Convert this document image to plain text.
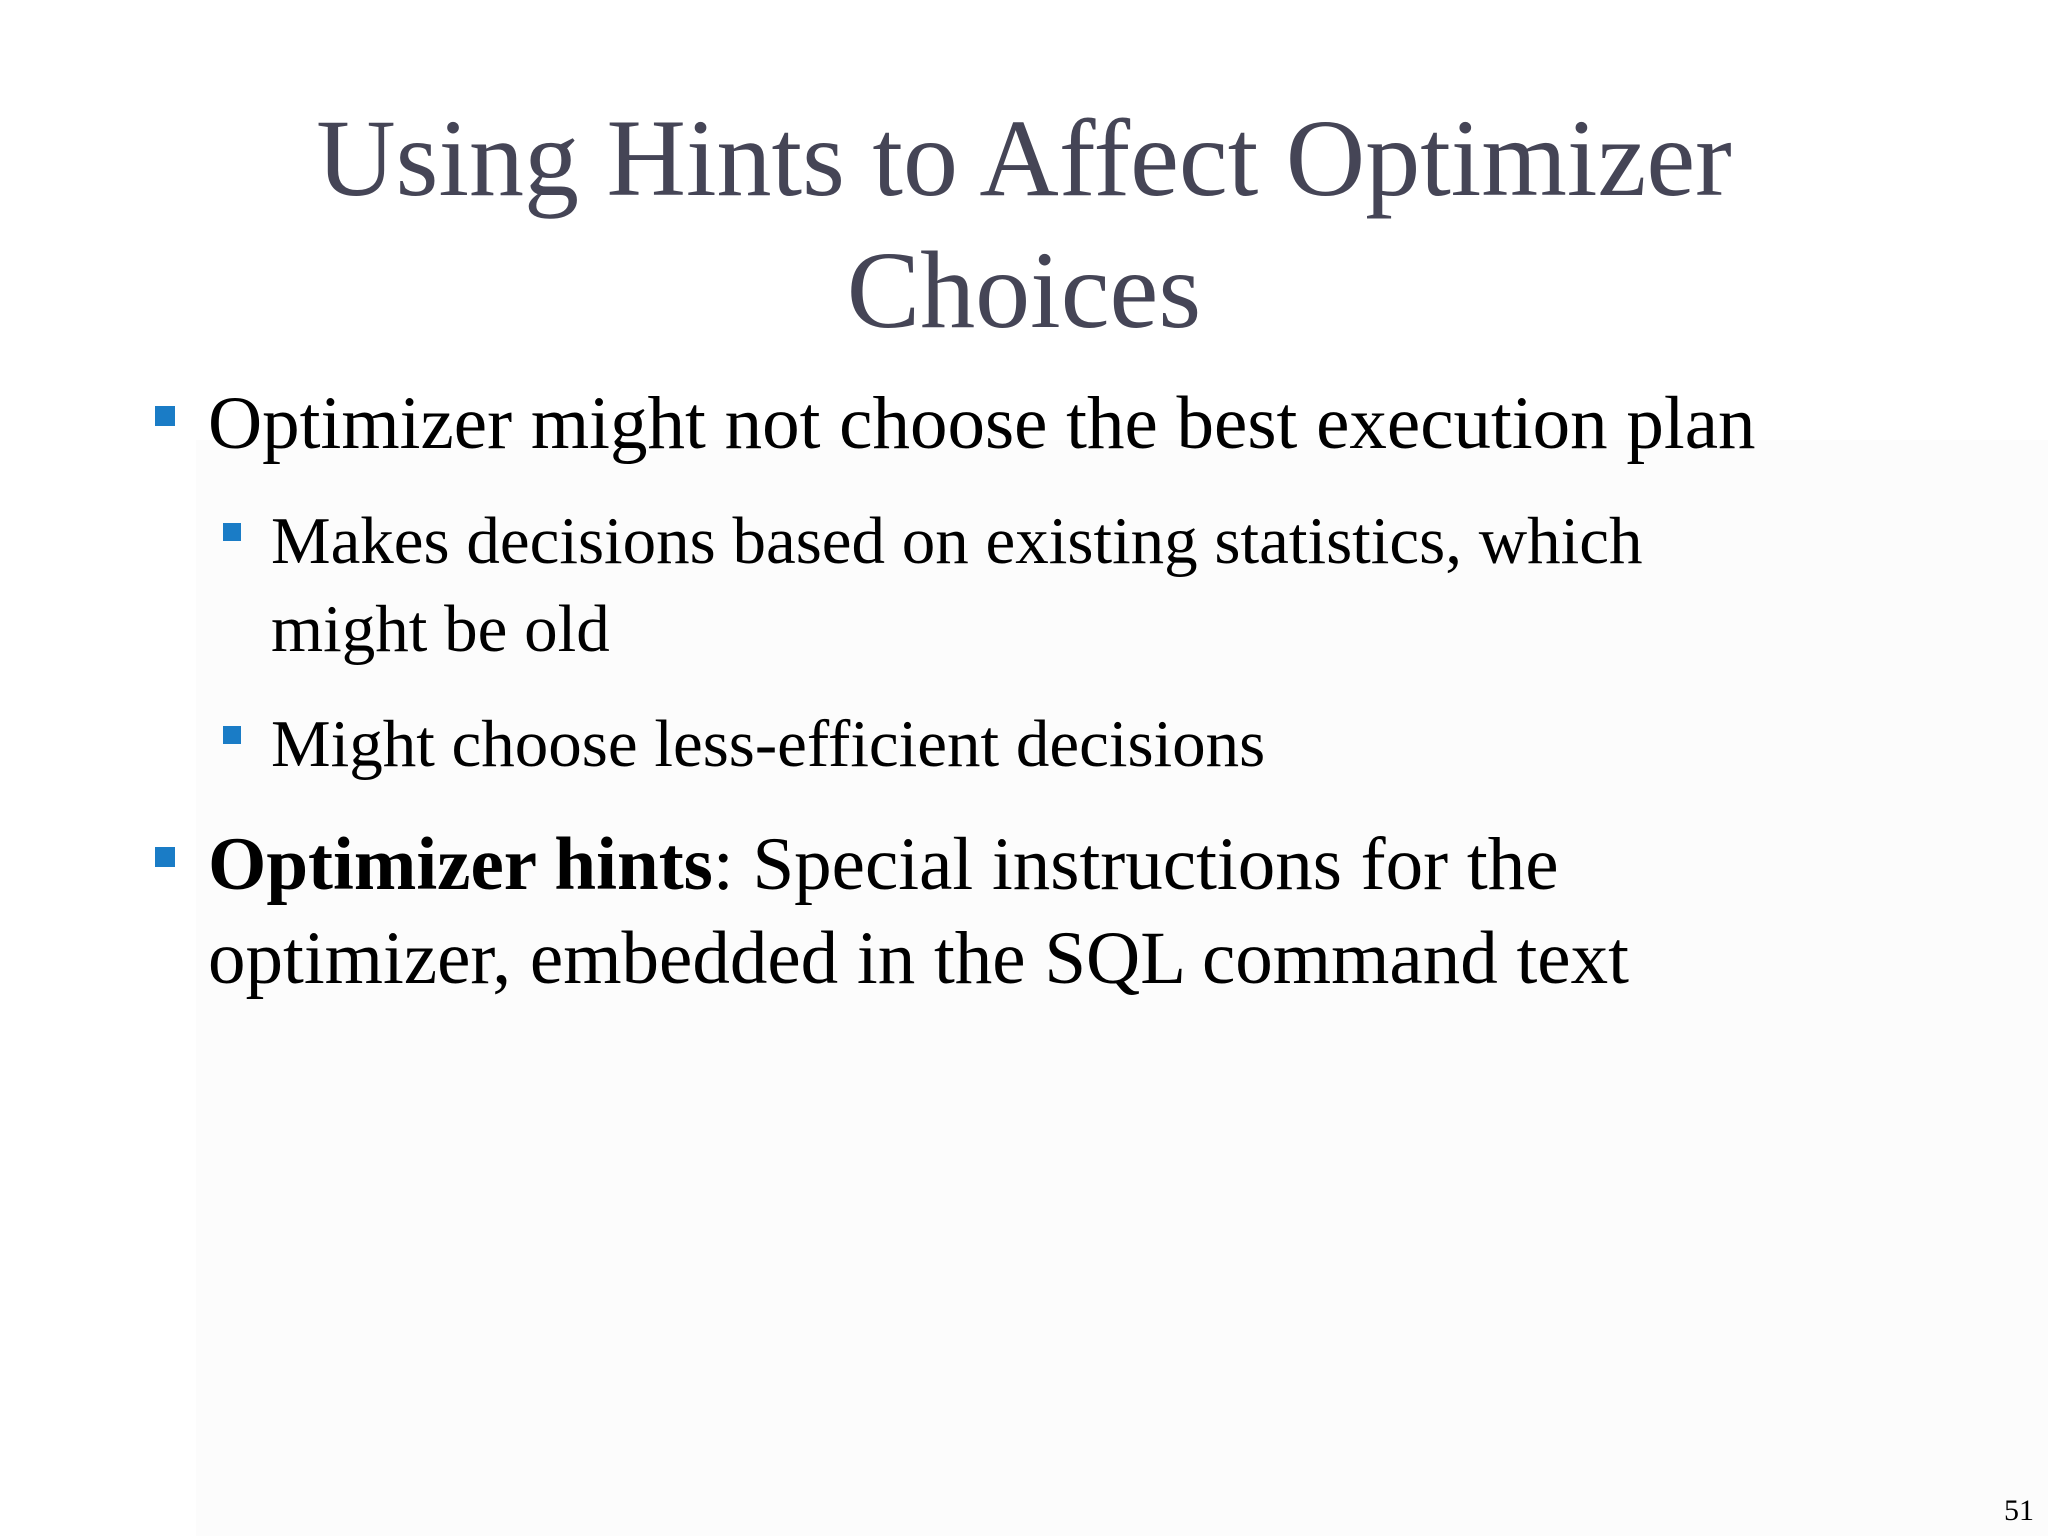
Using Hints to Affect Optimizer
Choices
Optimizer might not choose the best execution plan
Makes decisions based on existing statistics, which
might be old
Might choose less-efficient decisions
Optimizer hints: Special instructions for the
optimizer, embedded in the SQL command text
51
